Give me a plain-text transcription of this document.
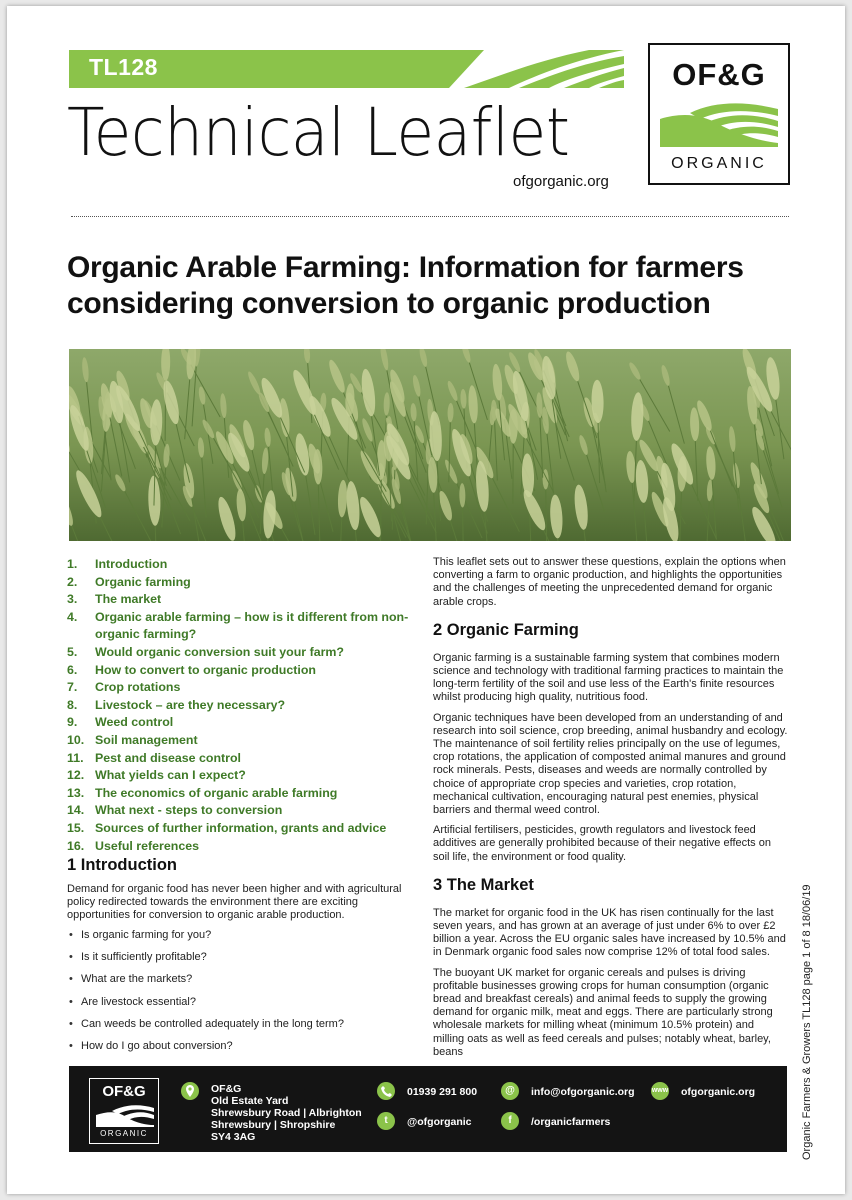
TL128
Technical Leaflet
ofgorganic.org
OF&G
ORGANIC
Organic Arable Farming: Information for farmers considering conversion to organic production
1. Introduction
2. Organic farming
3. The market
4. Organic arable farming – how is it different from non-organic farming?
5. Would organic conversion suit your farm?
6. How to convert to organic production
7. Crop rotations
8. Livestock – are they necessary?
9. Weed control
10. Soil management
11. Pest and disease control
12. What yields can I expect?
13. The economics of organic arable farming
14. What next - steps to conversion
15. Sources of further information, grants and advice
16. Useful references
1 Introduction
Demand for organic food has never been higher and with agricultural policy redirected towards the environment there are exciting opportunities for conversion to organic arable production.
• Is organic farming for you?
• Is it sufficiently profitable?
• What are the markets?
• Are livestock essential?
• Can weeds be controlled adequately in the long term?
• How do I go about conversion?

This leaflet sets out to answer these questions, explain the options when converting a farm to organic production, and highlights the opportunities and the challenges of meeting the unprecedented demand for organic arable crops.

2 Organic Farming

Organic farming is a sustainable farming system that combines modern science and technology with traditional farming practices to maintain the long-term fertility of the soil and use less of the Earth's finite resources whilst producing high quality, nutritious food.

Organic techniques have been developed from an understanding of and research into soil science, crop breeding, animal husbandry and ecology. The maintenance of soil fertility relies principally on the use of legumes, crop rotations, the application of composted animal manures and ground rock minerals. Pests, diseases and weeds are normally controlled by choice of appropriate crop species and varieties, crop rotation, mechanical cultivation, encouraging natural pest enemies, physical barriers and thermal weed control.

Artificial fertilisers, pesticides, growth regulators and livestock feed additives are generally prohibited because of their negative effects on soil life, the environment or food quality.

3 The Market

The market for organic food in the UK has risen continually for the last seven years, and has grown at an average of just under 6% to over £2 billion a year. Across the EU organic sales have increased by 10.5% and in Denmark organic food sales now comprise 12% of total food sales.

The buoyant UK market for organic cereals and pulses is driving profitable businesses growing crops for human consumption (organic bread and breakfast cereals) and animal feeds to supply the growing demand for organic milk, meat and eggs. There are particularly strong wholesale markets for milling wheat (minimum 10.5% protein) and milling oats as well as feed cereals and pulses; notably wheat, barley, beans	Organic Farmers & Growers TL128 page 1 of 8 18/06/19
OF&G
ORGANIC
OF&G
Old Estate Yard
Shrewsbury Road | Albrighton
Shrewsbury | Shropshire
SY4 3AG
01939 291 800
t	@ofgorganic
@	info@ofgorganic.org
f	/organicfarmers
www ofgorganic.org
